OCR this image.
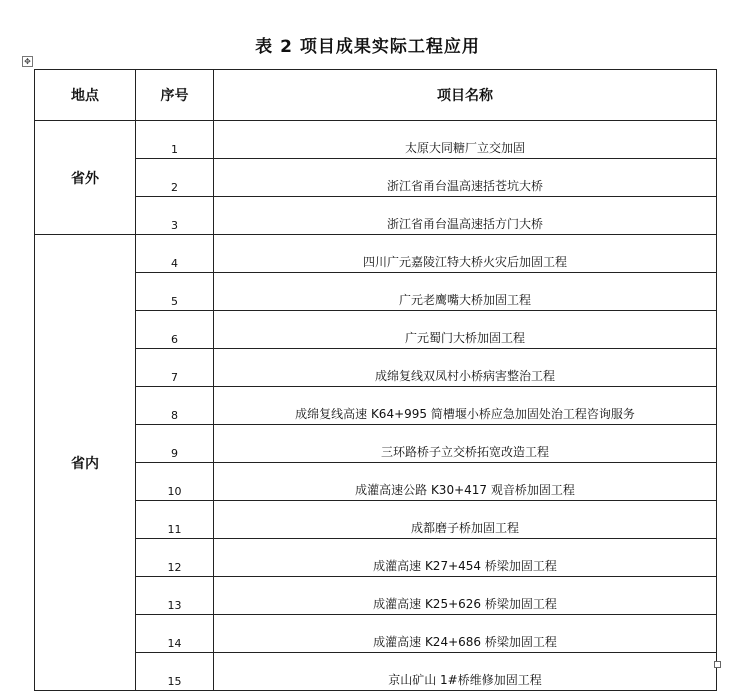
表 2 项目成果实际工程应用
✥
地点	序号	项目名称
省外	1	太原大同糖厂立交加固
	2	浙江省甬台温高速括苍坑大桥
	3	浙江省甬台温高速括方门大桥
省内	4	四川广元嘉陵江特大桥火灾后加固工程
	5	广元老鹰嘴大桥加固工程
	6	广元蜀门大桥加固工程
	7	成绵复线双凤村小桥病害整治工程
	8	成绵复线高速 K64+995 简槽堰小桥应急加固处治工程咨询服务
	9	三环路桥子立交桥拓宽改造工程
	10	成灌高速公路 K30+417 观音桥加固工程
	11	成都磨子桥加固工程
	12	成灌高速 K27+454 桥梁加固工程
	13	成灌高速 K25+626 桥梁加固工程
	14	成灌高速 K24+686 桥梁加固工程
	15	京山矿山 1#桥维修加固工程
